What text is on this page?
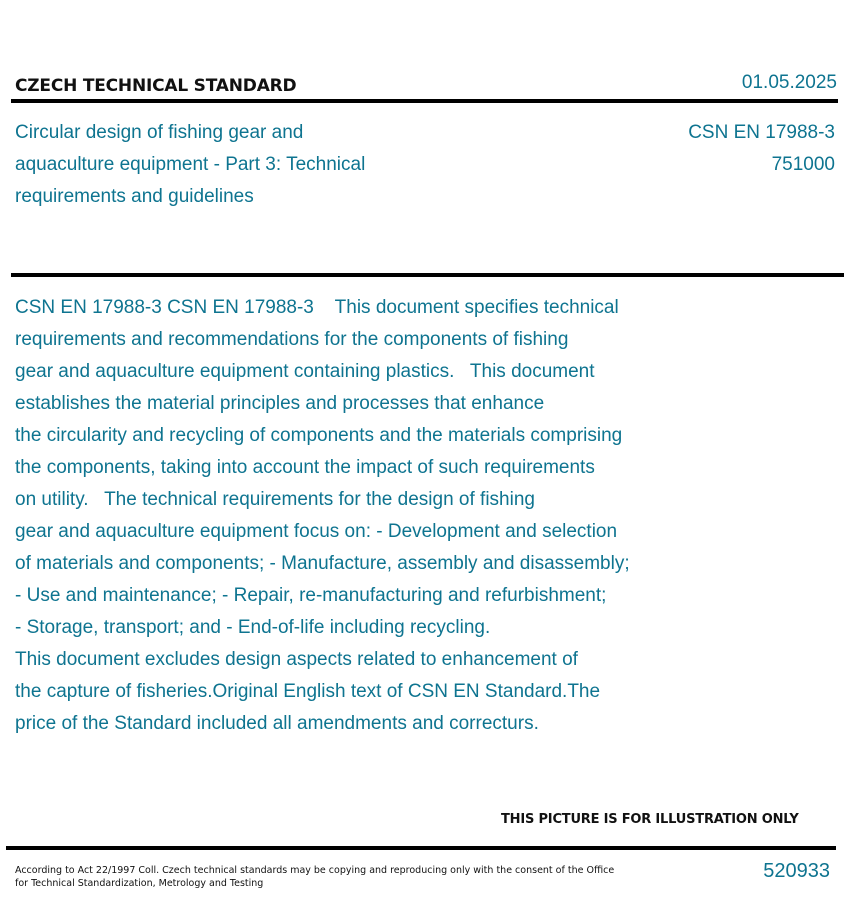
CZECH TECHNICAL STANDARD	01.05.2025
Circular design of fishing gear and
aquaculture equipment - Part 3: Technical
requirements and guidelines
CSN EN 17988-3
751000
CSN EN 17988-3 CSN EN 17988-3    This document specifies technical
requirements and recommendations for the components of fishing
gear and aquaculture equipment containing plastics.   This document
establishes the material principles and processes that enhance
the circularity and recycling of components and the materials comprising
the components, taking into account the impact of such requirements
on utility.   The technical requirements for the design of fishing
gear and aquaculture equipment focus on: - Development and selection
of materials and components; - Manufacture, assembly and disassembly;
- Use and maintenance; - Repair, re-manufacturing and refurbishment;
- Storage, transport; and - End-of-life including recycling.
This document excludes design aspects related to enhancement of
the capture of fisheries.Original English text of CSN EN Standard.The
price of the Standard included all amendments and correcturs.
THIS PICTURE IS FOR ILLUSTRATION ONLY
According to Act 22/1997 Coll. Czech technical standards may be copying and reproducing only with the consent of the Office
for Technical Standardization, Metrology and Testing
520933
